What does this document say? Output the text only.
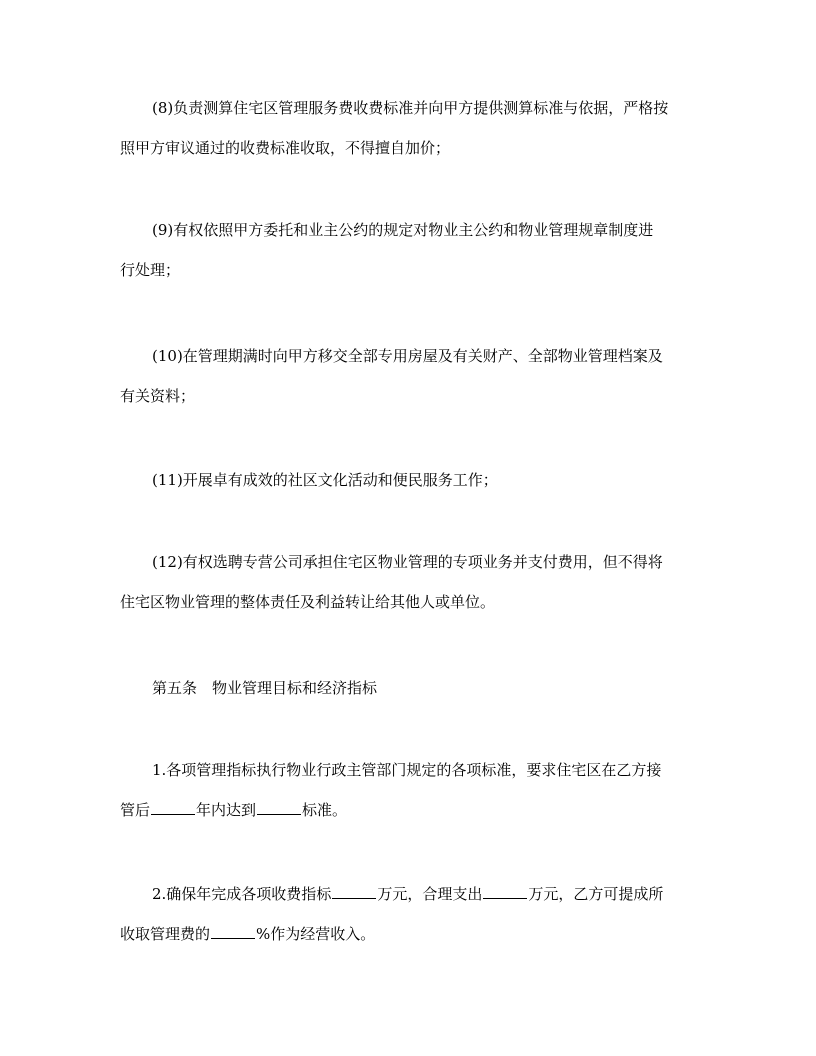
(8)负责测算住宅区管理服务费收费标准并向甲方提供测算标准与依据，严格按
照甲方审议通过的收费标准收取，不得擅自加价；
(9)有权依照甲方委托和业主公约的规定对物业主公约和物业管理规章制度进
行处理；
(10)在管理期满时向甲方移交全部专用房屋及有关财产、全部物业管理档案及
有关资料；
(11)开展卓有成效的社区文化活动和便民服务工作；
(12)有权选聘专营公司承担住宅区物业管理的专项业务并支付费用，但不得将
住宅区物业管理的整体责任及利益转让给其他人或单位。
第五条　物业管理目标和经济指标
1.各项管理指标执行物业行政主管部门规定的各项标准，要求住宅区在乙方接
管后	年内达到	标准。
2.确保年完成各项收费指标	万元，合理支出	万元，乙方可提成所
收取管理费的	%作为经营收入。
